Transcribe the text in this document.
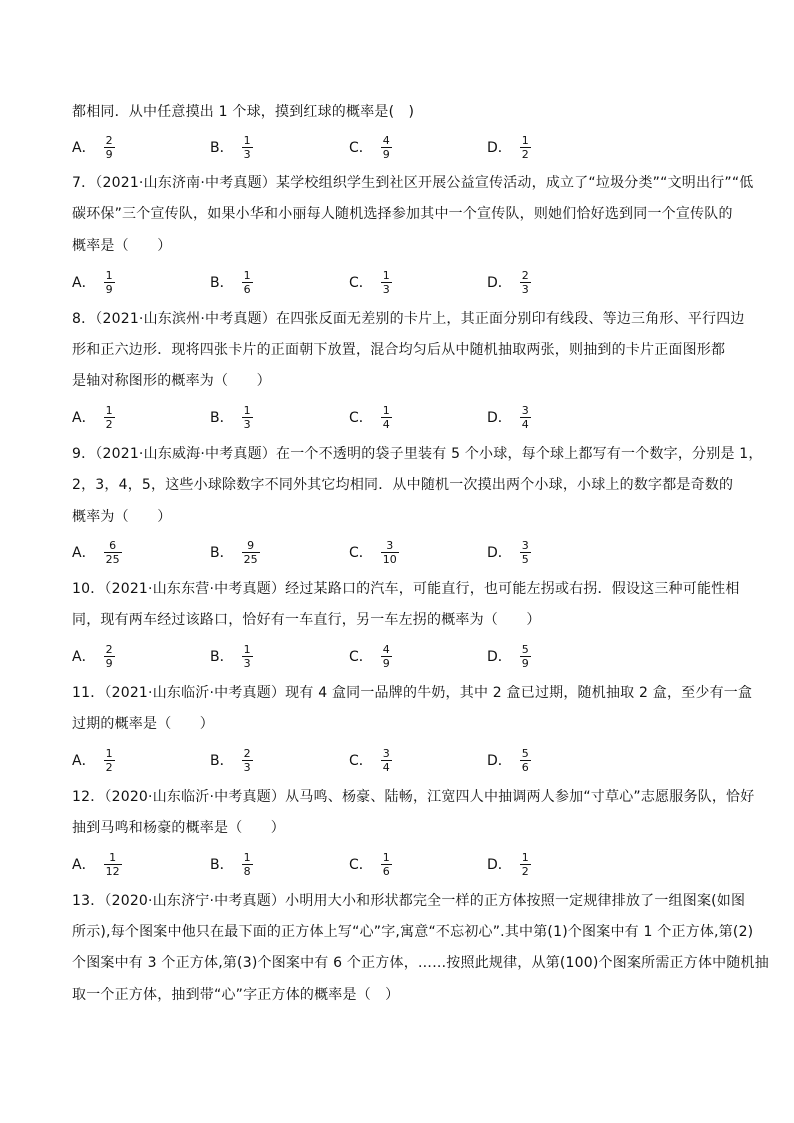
都相同．从中任意摸出 1 个球，摸到红球的概率是(　)
A． $\frac{2}{9}$	B． $\frac{1}{3}$	C． $\frac{4}{9}$	D． $\frac{1}{2}$
7．（2021·山东济南·中考真题）某学校组织学生到社区开展公益宣传活动，成立了“垃圾分类”“文明出行”“低
碳环保”三个宣传队，如果小华和小丽每人随机选择参加其中一个宣传队，则她们恰好选到同一个宣传队的
概率是（　　）
A． $\frac{1}{9}$	B． $\frac{1}{6}$	C． $\frac{1}{3}$	D． $\frac{2}{3}$
8．（2021·山东滨州·中考真题）在四张反面无差别的卡片上，其正面分别印有线段、等边三角形、平行四边
形和正六边形．现将四张卡片的正面朝下放置，混合均匀后从中随机抽取两张，则抽到的卡片正面图形都
是轴对称图形的概率为（　　）
A． $\frac{1}{2}$	B． $\frac{1}{3}$	C． $\frac{1}{4}$	D． $\frac{3}{4}$
9．（2021·山东威海·中考真题）在一个不透明的袋子里装有 5 个小球，每个球上都写有一个数字，分别是 1，
2，3，4，5，这些小球除数字不同外其它均相同．从中随机一次摸出两个小球，小球上的数字都是奇数的
概率为（　　）
A． $\frac{6}{25}$	B． $\frac{9}{25}$	C． $\frac{3}{10}$	D． $\frac{3}{5}$
10．（2021·山东东营·中考真题）经过某路口的汽车，可能直行，也可能左拐或右拐．假设这三种可能性相
同，现有两车经过该路口，恰好有一车直行，另一车左拐的概率为（　　）
A． $\frac{2}{9}$	B． $\frac{1}{3}$	C． $\frac{4}{9}$	D． $\frac{5}{9}$
11．（2021·山东临沂·中考真题）现有 4 盒同一品牌的牛奶，其中 2 盒已过期，随机抽取 2 盒，至少有一盒
过期的概率是（　　）
A． $\frac{1}{2}$	B． $\frac{2}{3}$	C． $\frac{3}{4}$	D． $\frac{5}{6}$
12．（2020·山东临沂·中考真题）从马鸣、杨豪、陆畅，江宽四人中抽调两人参加“寸草心”志愿服务队，恰好
抽到马鸣和杨豪的概率是（　　）
A． $\frac{1}{12}$	B． $\frac{1}{8}$	C． $\frac{1}{6}$	D． $\frac{1}{2}$
13．（2020·山东济宁·中考真题）小明用大小和形状都完全一样的正方体按照一定规律排放了一组图案(如图
所示),每个图案中他只在最下面的正方体上写“心”字,寓意“不忘初心”.其中第(1)个图案中有 1 个正方体,第(2)
个图案中有 3 个正方体,第(3)个图案中有 6 个正方体，……按照此规律，从第(100)个图案所需正方体中随机抽
取一个正方体，抽到带“心”字正方体的概率是（　）
